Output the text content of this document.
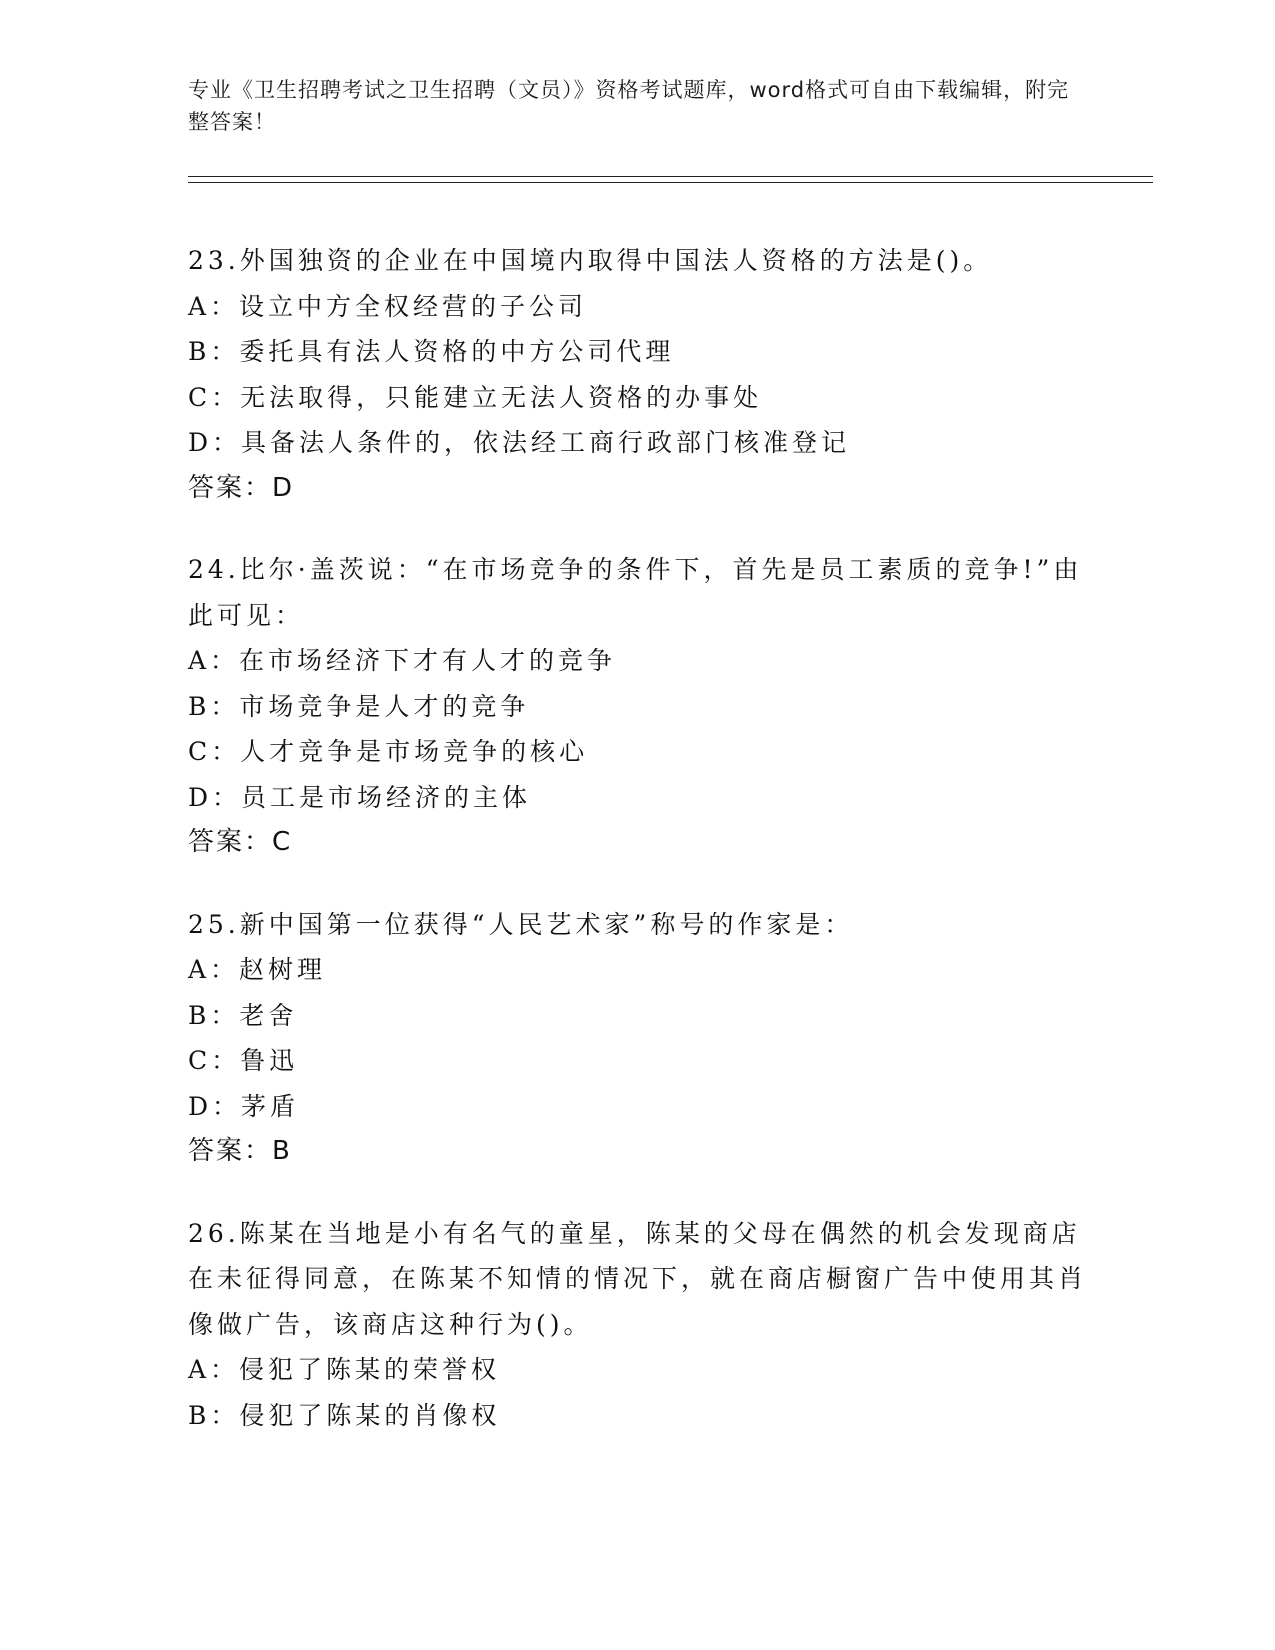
专业《卫生招聘考试之卫生招聘（文员）》资格考试题库，word格式可自由下载编辑，附完整答案！

23.外国独资的企业在中国境内取得中国法人资格的方法是()。

A：设立中方全权经营的子公司

B：委托具有法人资格的中方公司代理

C：无法取得，只能建立无法人资格的办事处

D：具备法人条件的，依法经工商行政部门核准登记

答案：D

24.比尔·盖茨说：“在市场竞争的条件下，首先是员工素质的竞争!”由此可见：

A：在市场经济下才有人才的竞争

B：市场竞争是人才的竞争

C：人才竞争是市场竞争的核心

D：员工是市场经济的主体

答案：C

25.新中国第一位获得“人民艺术家”称号的作家是：

A：赵树理

B：老舍

C：鲁迅

D：茅盾

答案：B

26.陈某在当地是小有名气的童星，陈某的父母在偶然的机会发现商店在未征得同意，在陈某不知情的情况下，就在商店橱窗广告中使用其肖像做广告，该商店这种行为()。

A：侵犯了陈某的荣誉权

B：侵犯了陈某的肖像权
